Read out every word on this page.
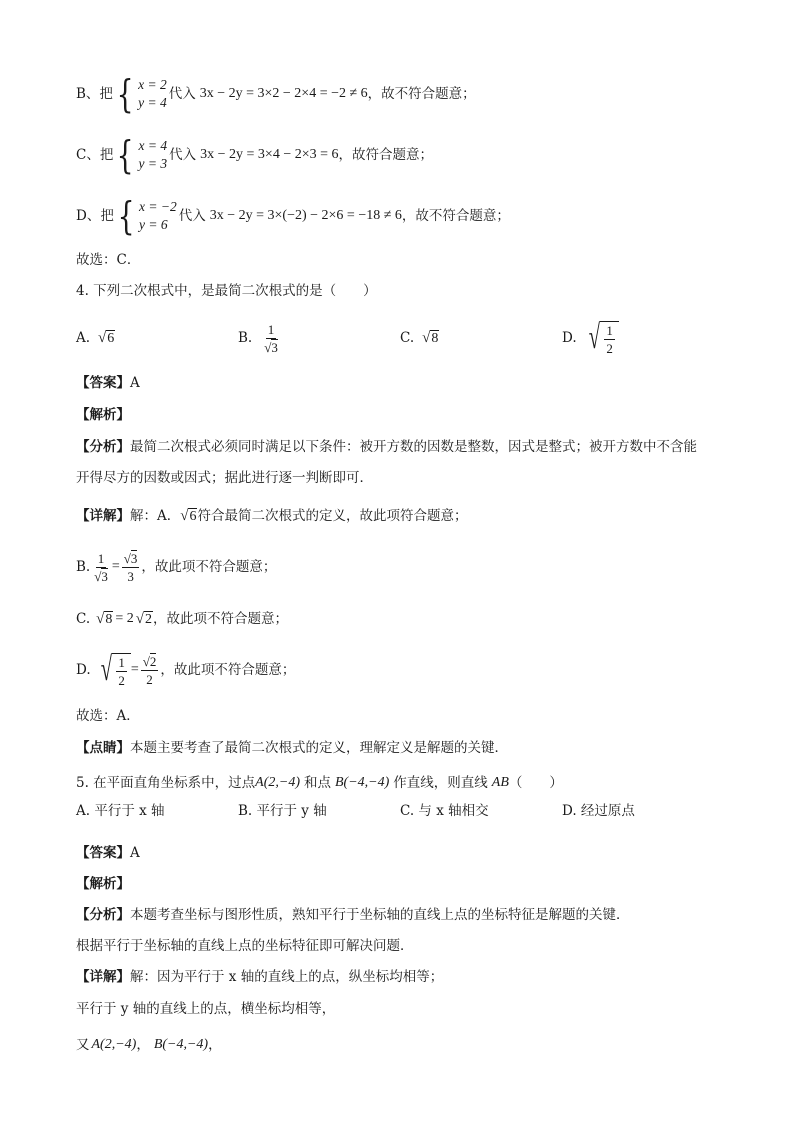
B、把 { x = 2
y = 4
代入 3x − 2y = 3×2 − 2×4 = −2 ≠ 6 ，故不符合题意；
C、把 { x = 4
y = 3
代入 3x − 2y = 3×4 − 2×3 = 6 ，故符合题意；
D、把 { x = −2
y = 6
代入 3x − 2y = 3×(−2) − 2×6 = −18 ≠ 6 ，故不符合题意；
故选：C．
4. 下列二次根式中，是最简二次根式的是（　　）
A. √ 6	B. $\frac{1}{√3}$	C. √ 8	D. √ $\frac{1}{2}$
【答案】 A
【解析】
【分析】 最简二次根式必须同时满足以下条件：被开方数的因数是整数，因式是整式；被开方数中不含能
开得尽方的因数或因式；据此进行逐一判断即可．
【详解】 解：A． √ 6 符合最简二次根式的定义，故此项符合题意；
B. $\frac{1}{√3} = \frac{√3}{3}$ ，故此项不符合题意；
C. √ 8 = 2 √ 2 ，故此项不符合题意；
D. √ $\frac{1}{2} = \frac{√2}{2}$ ，故此项不符合题意；
故选：A．
【点睛】 本题主要考查了最简二次根式的定义，理解定义是解题的关键．
5. 在平面直角坐标系中，过点 A(2,−4) 和点 B(−4,−4) 作直线，则直线 AB （　　）
A. 平行于 x 轴	B. 平行于 y 轴	C. 与 x 轴相交	D. 经过原点
【答案】 A
【解析】
【分析】 本题考查坐标与图形性质，熟知平行于坐标轴的直线上点的坐标特征是解题的关键．
根据平行于坐标轴的直线上点的坐标特征即可解决问题．
【详解】 解：因为平行于 x 轴的直线上的点，纵坐标均相等；
平行于 y 轴的直线上的点，横坐标均相等，
又 A(2,−4) ， B(−4,−4) ，
